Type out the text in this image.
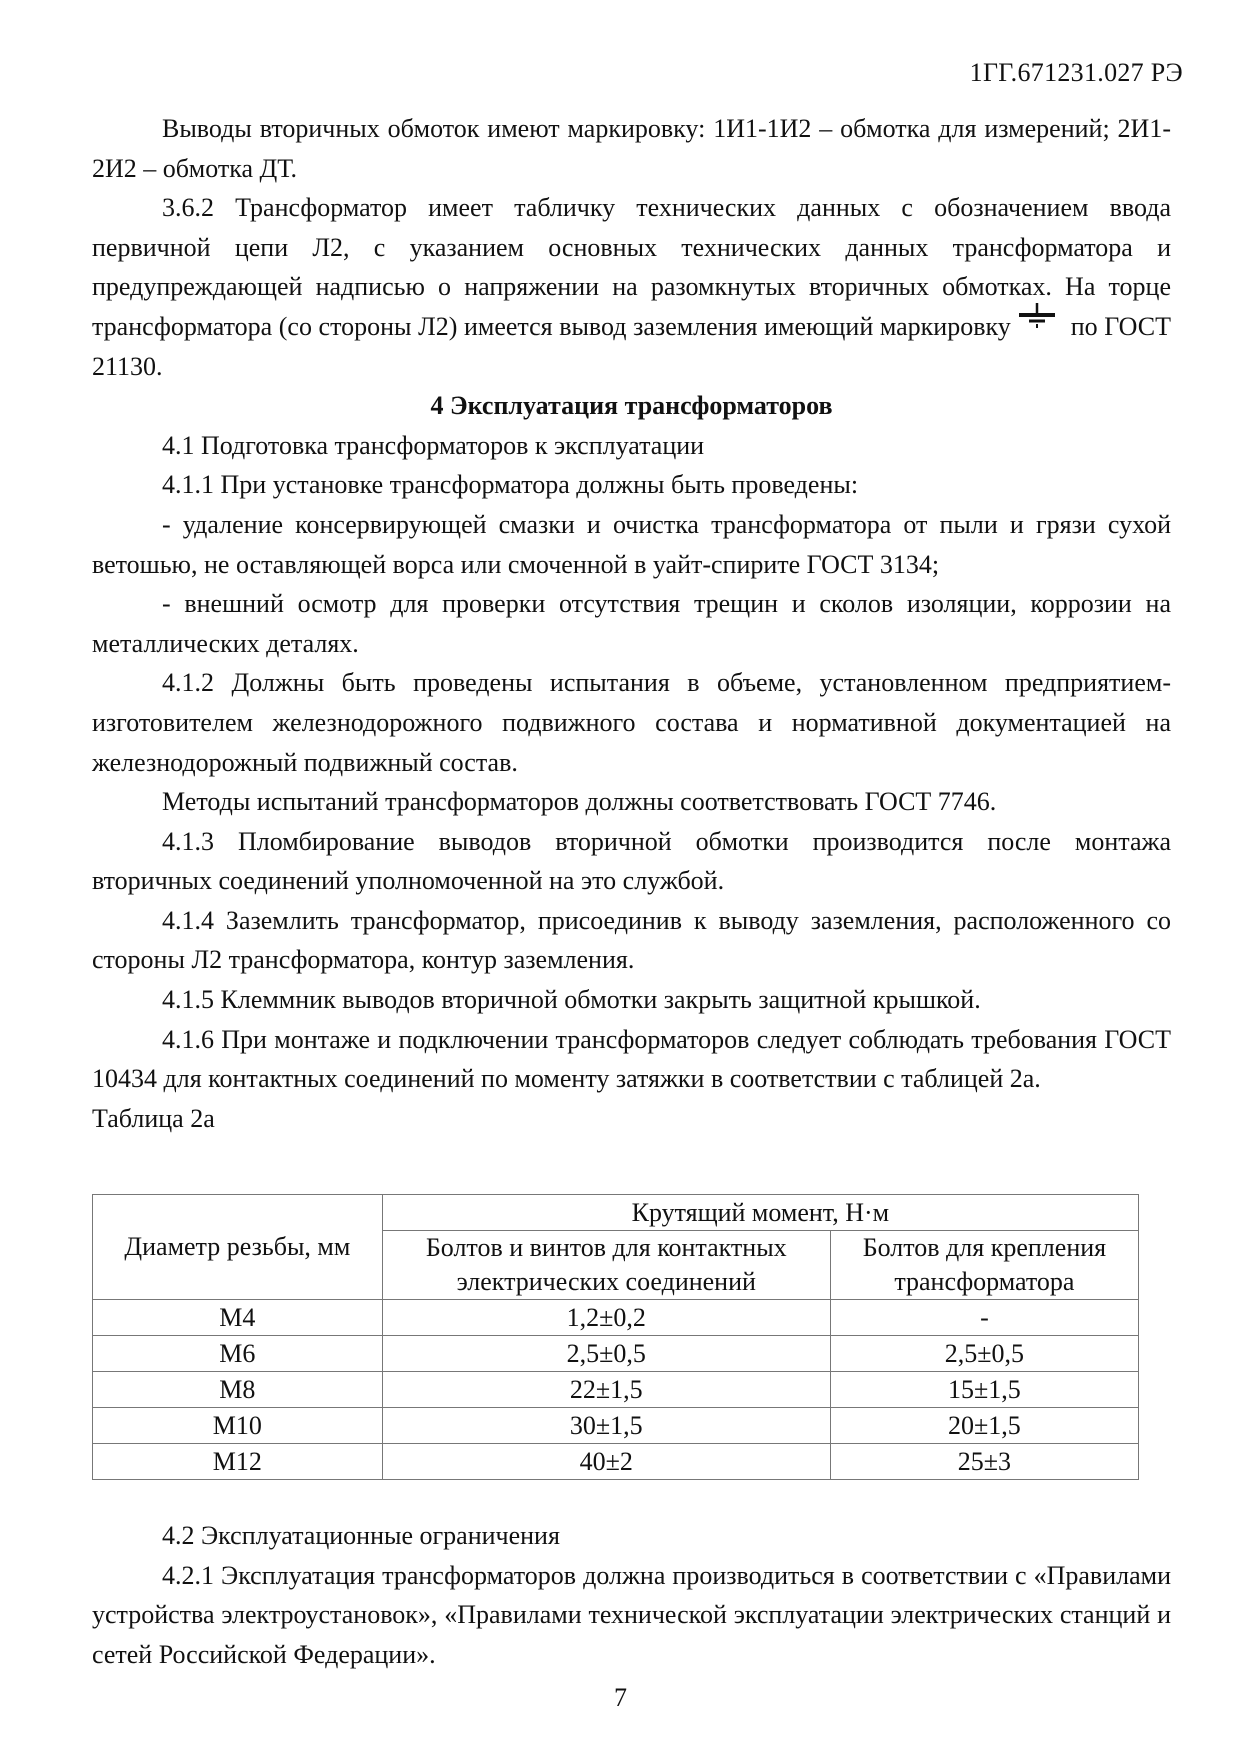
1ГГ.671231.027 РЭ

Выводы вторичных обмоток имеют маркировку: 1И1-1И2 – обмотка для измерений; 2И1-2И2 – обмотка ДТ.

3.6.2 Трансформатор имеет табличку технических данных с обозначением ввода первичной цепи Л2, с указанием основных технических данных трансформатора и предупреждающей надписью о напряжении на разомкнутых вторичных обмотках. На торце трансформатора (со стороны Л2) имеется вывод заземления имеющий маркировку по ГОСТ 21130.

4 Эксплуатация трансформаторов

4.1 Подготовка трансформаторов к эксплуатации

4.1.1 При установке трансформатора должны быть проведены:

- удаление консервирующей смазки и очистка трансформатора от пыли и грязи сухой ветошью, не оставляющей ворса или смоченной в уайт-спирите ГОСТ 3134;

- внешний осмотр для проверки отсутствия трещин и сколов изоляции, коррозии на металлических деталях.

4.1.2 Должны быть проведены испытания в объеме, установленном предприятием-изготовителем железнодорожного подвижного состава и нормативной документацией на железнодорожный подвижный состав.

Методы испытаний трансформаторов должны соответствовать ГОСТ 7746.

4.1.3 Пломбирование выводов вторичной обмотки производится после монтажа вторичных соединений уполномоченной на это службой.

4.1.4 Заземлить трансформатор, присоединив к выводу заземления, расположенного со стороны Л2 трансформатора, контур заземления.

4.1.5 Клеммник выводов вторичной обмотки закрыть защитной крышкой.

4.1.6 При монтаже и подключении трансформаторов следует соблюдать требования ГОСТ 10434 для контактных соединений по моменту затяжки в соответствии с таблицей 2а.

Таблица 2а

Диаметр резьбы, мм	Крутящий момент, Н·м	
	Болтов и винтов для контактных электрических соединений	Болтов для крепления трансформатора
М4	1,2±0,2	-
М6	2,5±0,5	2,5±0,5
М8	22±1,5	15±1,5
М10	30±1,5	20±1,5
М12	40±2	25±3

4.2 Эксплуатационные ограничения

4.2.1 Эксплуатация трансформаторов должна производиться в соответствии с «Правилами устройства электроустановок», «Правилами технической эксплуатации электрических станций и сетей Российской Федерации».

7
